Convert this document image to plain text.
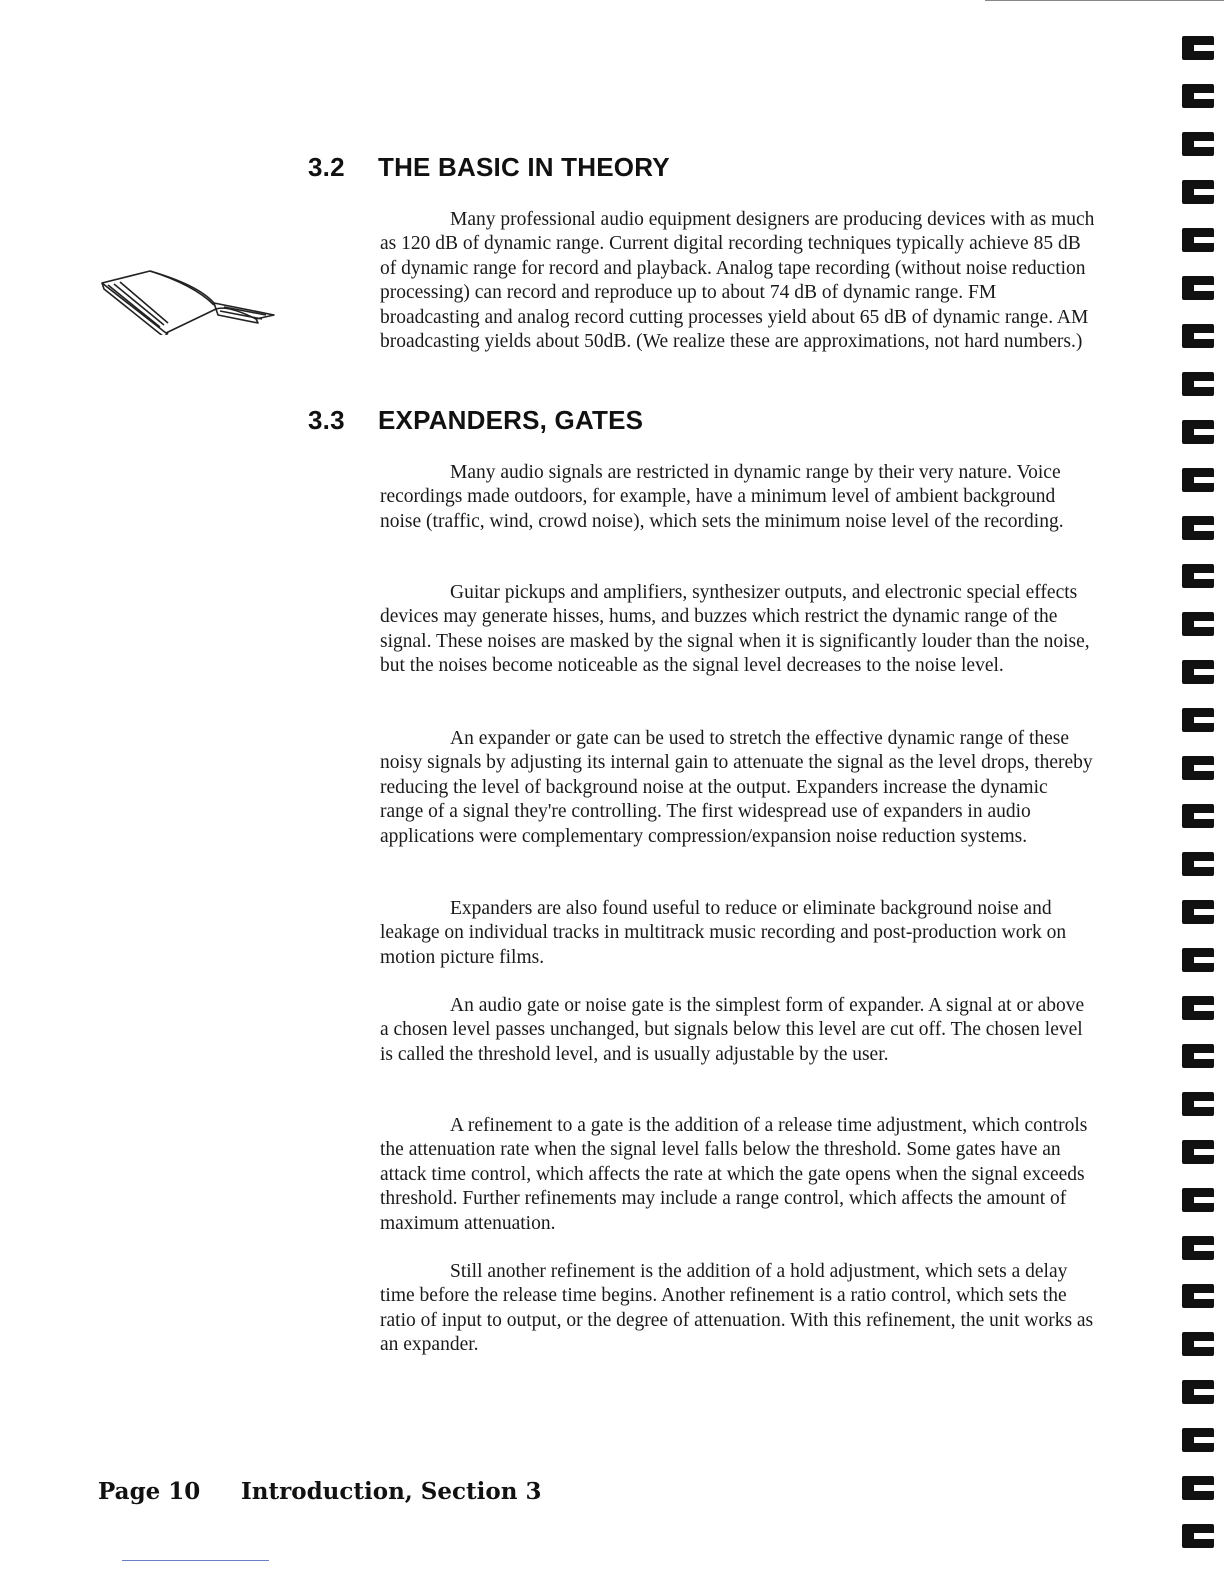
3.2 THE BASIC IN THEORY

Many professional audio equipment designers are producing devices with as much as 120 dB of dynamic range. Current digital recording techniques typically achieve 85 dB of dynamic range for record and playback. Analog tape recording (without noise reduction processing) can record and reproduce up to about 74 dB of dynamic range. FM broadcasting and analog record cutting processes yield about 65 dB of dynamic range. AM broadcasting yields about 50dB. (We realize these are approximations, not hard numbers.)

3.3 EXPANDERS, GATES

Many audio signals are restricted in dynamic range by their very nature. Voice recordings made outdoors, for example, have a minimum level of ambient background noise (traffic, wind, crowd noise), which sets the minimum noise level of the recording.

Guitar pickups and amplifiers, synthesizer outputs, and electronic special effects devices may generate hisses, hums, and buzzes which restrict the dynamic range of the signal. These noises are masked by the signal when it is significantly louder than the noise, but the noises become noticeable as the signal level decreases to the noise level.

An expander or gate can be used to stretch the effective dynamic range of these noisy signals by adjusting its internal gain to attenuate the signal as the level drops, thereby reducing the level of background noise at the output. Expanders increase the dynamic range of a signal they're controlling. The first widespread use of expanders in audio applications were complementary compression/expansion noise reduction systems.

Expanders are also found useful to reduce or eliminate background noise and leakage on individual tracks in multitrack music recording and post-production work on motion picture films.

An audio gate or noise gate is the simplest form of expander. A signal at or above a chosen level passes unchanged, but signals below this level are cut off. The chosen level is called the threshold level, and is usually adjustable by the user.

A refinement to a gate is the addition of a release time adjustment, which controls the attenuation rate when the signal level falls below the threshold. Some gates have an attack time control, which affects the rate at which the gate opens when the signal exceeds threshold. Further refinements may include a range control, which affects the amount of maximum attenuation.

Still another refinement is the addition of a hold adjustment, which sets a delay time before the release time begins. Another refinement is a ratio control, which sets the ratio of input to output, or the degree of attenuation. With this refinement, the unit works as an expander.

Page 10 Introduction, Section 3
